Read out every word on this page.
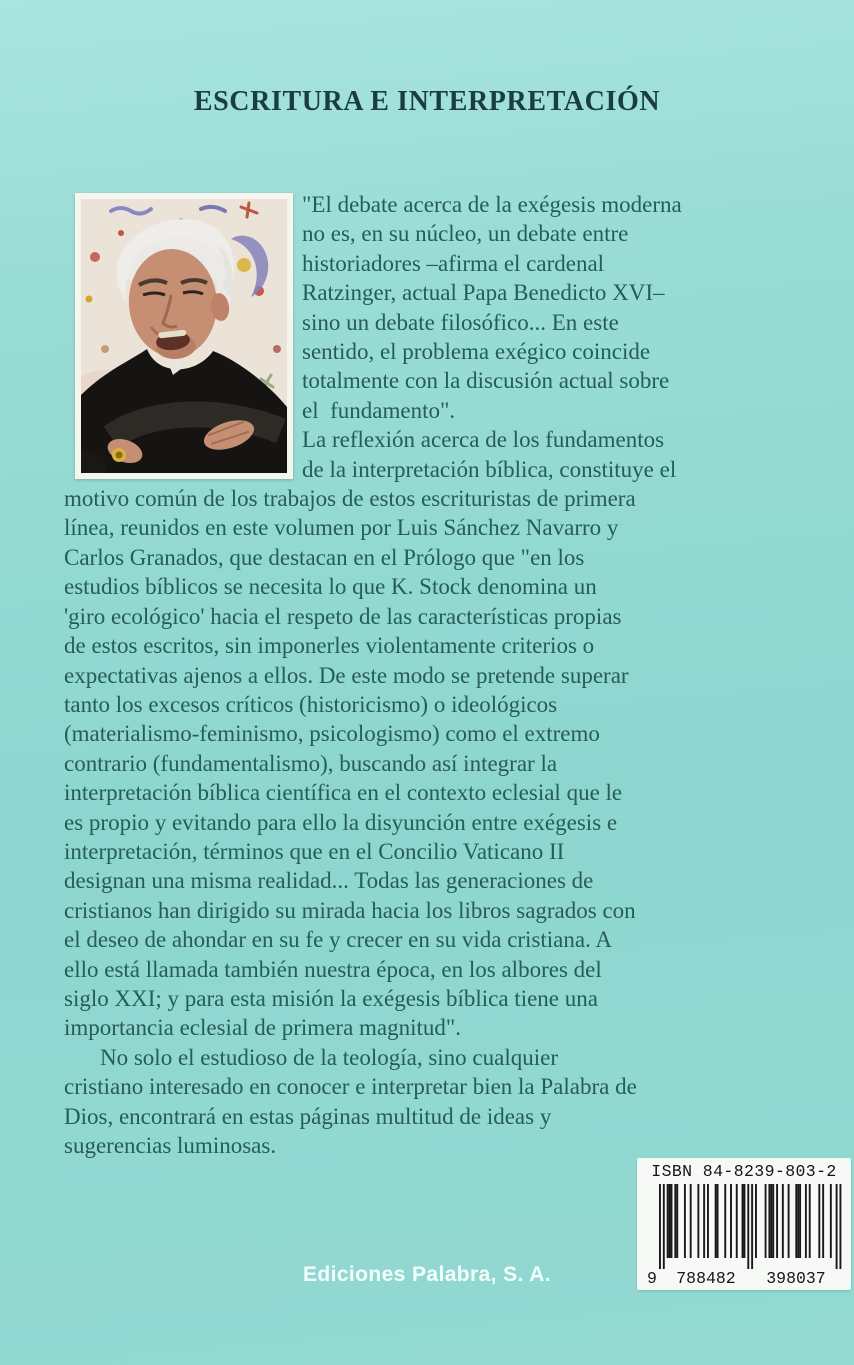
ESCRITURA E INTERPRETACIÓN
"El debate acerca de la exégesis moderna
no es, en su núcleo, un debate entre
historiadores –afirma el cardenal
Ratzinger, actual Papa Benedicto XVI–
sino un debate filosófico... En este
sentido, el problema exégico coincide
totalmente con la discusión actual sobre
el  fundamento".
La reflexión acerca de los fundamentos
de la interpretación bíblica, constituye el
motivo común de los trabajos de estos escrituristas de primera
línea, reunidos en este volumen por Luis Sánchez Navarro y
Carlos Granados, que destacan en el Prólogo que "en los
estudios bíblicos se necesita lo que K. Stock denomina un
'giro ecológico' hacia el respeto de las características propias
de estos escritos, sin imponerles violentamente criterios o
expectativas ajenos a ellos. De este modo se pretende superar
tanto los excesos críticos (historicismo) o ideológicos
(materialismo-feminismo, psicologismo) como el extremo
contrario (fundamentalismo), buscando así integrar la
interpretación bíblica científica en el contexto eclesial que le
es propio y evitando para ello la disyunción entre exégesis e
interpretación, términos que en el Concilio Vaticano II
designan una misma realidad... Todas las generaciones de
cristianos han dirigido su mirada hacia los libros sagrados con
el deseo de ahondar en su fe y crecer en su vida cristiana. A
ello está llamada también nuestra época, en los albores del
siglo XXI; y para esta misión la exégesis bíblica tiene una
importancia eclesial de primera magnitud".
No solo el estudioso de la teología, sino cualquier
cristiano interesado en conocer e interpretar bien la Palabra de
Dios, encontrará en estas páginas multitud de ideas y
sugerencias luminosas.
ISBN 84-8239-803-2
9 788482 398037
Ediciones Palabra, S. A.
